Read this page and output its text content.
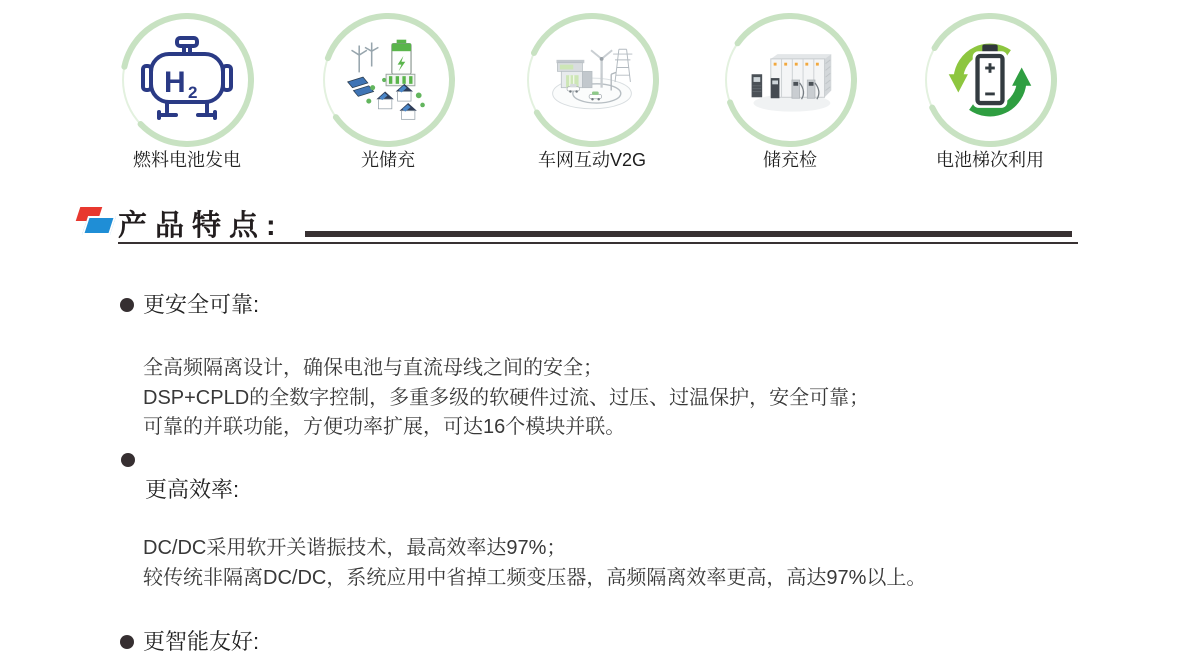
H 2
燃料电池发电	光储充	车网互动V2G	储充检	电池梯次利用
产品特点:
更安全可靠:
全高频隔离设计，确保电池与直流母线之间的安全；
DSP+CPLD的全数字控制，多重多级的软硬件过流、过压、过温保护，安全可靠；
可靠的并联功能，方便功率扩展，可达16个模块并联。
更高效率:
DC/DC采用软开关谐振技术，最高效率达97%；
较传统非隔离DC/DC，系统应用中省掉工频变压器，高频隔离效率更高，高达97%以上。
更智能友好:
